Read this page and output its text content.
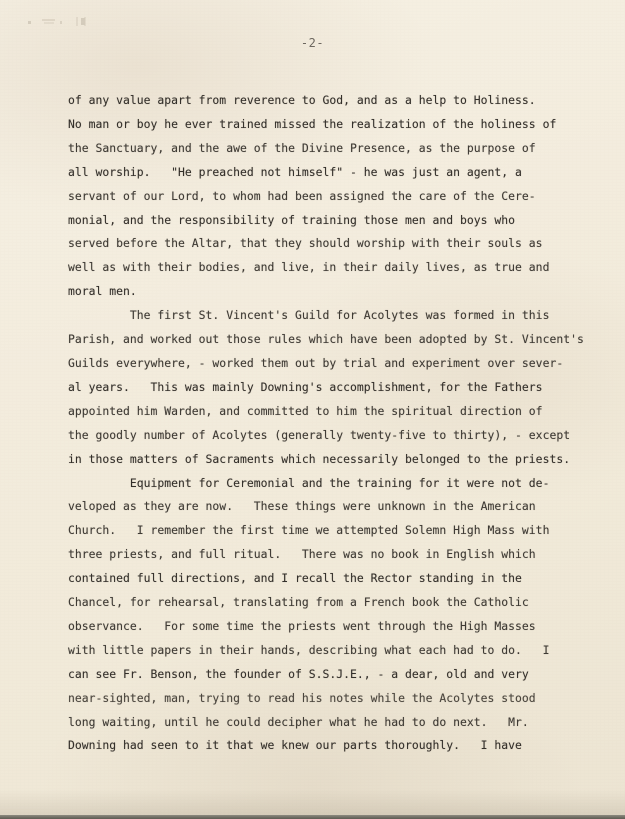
-2-
of any value apart from reverence to God, and as a help to Holiness.
No man or boy he ever trained missed the realization of the holiness of
the Sanctuary, and the awe of the Divine Presence, as the purpose of
all worship.   "He preached not himself" - he was just an agent, a
servant of our Lord, to whom had been assigned the care of the Cere-
monial, and the responsibility of training those men and boys who
served before the Altar, that they should worship with their souls as
well as with their bodies, and live, in their daily lives, as true and
moral men.
The first St. Vincent's Guild for Acolytes was formed in this
Parish, and worked out those rules which have been adopted by St. Vincent's
Guilds everywhere, - worked them out by trial and experiment over sever-
al years.   This was mainly Downing's accomplishment, for the Fathers
appointed him Warden, and committed to him the spiritual direction of
the goodly number of Acolytes (generally twenty-five to thirty), - except
in those matters of Sacraments which necessarily belonged to the priests.
Equipment for Ceremonial and the training for it were not de-
veloped as they are now.   These things were unknown in the American
Church.   I remember the first time we attempted Solemn High Mass with
three priests, and full ritual.   There was no book in English which
contained full directions, and I recall the Rector standing in the
Chancel, for rehearsal, translating from a French book the Catholic
observance.   For some time the priests went through the High Masses
with little papers in their hands, describing what each had to do.   I
can see Fr. Benson, the founder of S.S.J.E., - a dear, old and very
near-sighted, man, trying to read his notes while the Acolytes stood
long waiting, until he could decipher what he had to do next.   Mr.
Downing had seen to it that we knew our parts thoroughly.   I have
